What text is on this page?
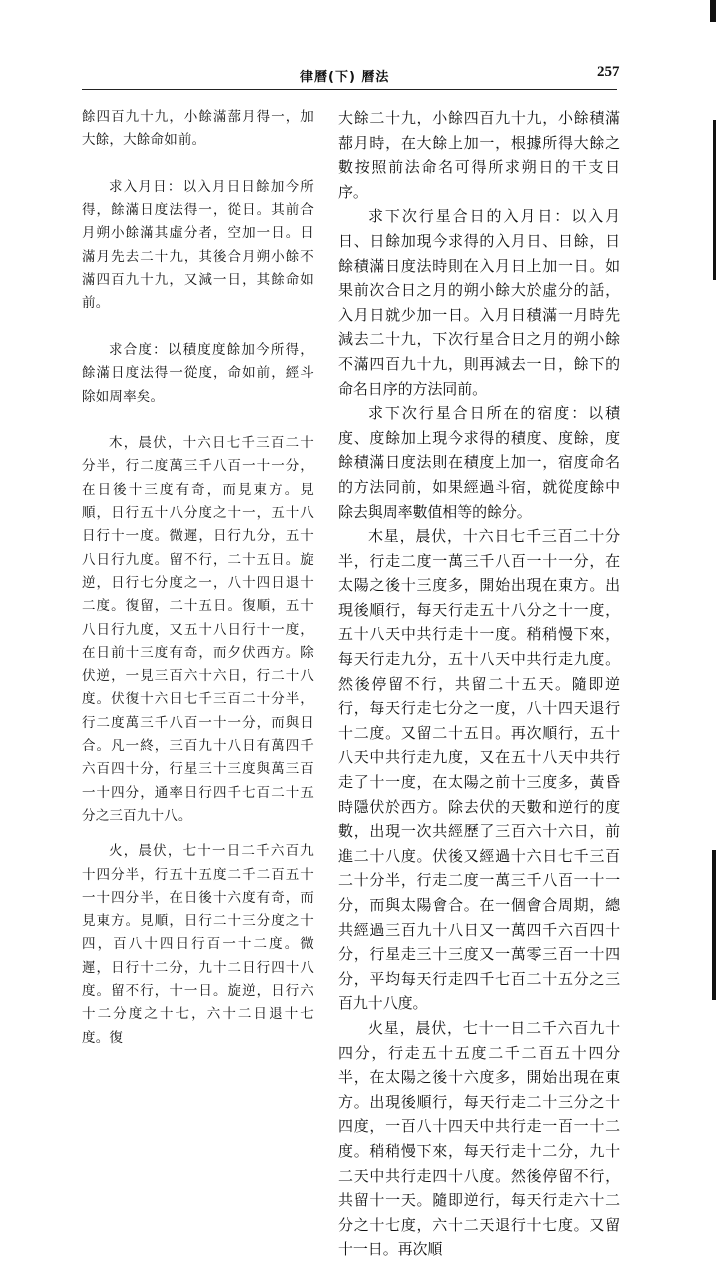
律曆(下) 曆法	257

餘四百九十九，小餘滿蔀月得一，加大餘，大餘命如前。

求入月日：以入月日日餘加今所得，餘滿日度法得一，從日。其前合月朔小餘滿其虛分者，空加一日。日滿月先去二十九，其後合月朔小餘不滿四百九十九，又減一日，其餘命如前。

求合度：以積度度餘加今所得，餘滿日度法得一從度，命如前，經斗除如周率矣。

木，晨伏，十六日七千三百二十分半，行二度萬三千八百一十一分，在日後十三度有奇，而見東方。見順，日行五十八分度之十一，五十八日行十一度。微遲，日行九分，五十八日行九度。留不行，二十五日。旋逆，日行七分度之一，八十四日退十二度。復留，二十五日。復順，五十八日行九度，又五十八日行十一度，在日前十三度有奇，而夕伏西方。除伏逆，一見三百六十六日，行二十八度。伏復十六日七千三百二十分半，行二度萬三千八百一十一分，而與日合。凡一終，三百九十八日有萬四千六百四十分，行星三十三度與萬三百一十四分，通率日行四千七百二十五分之三百九十八。

火，晨伏，七十一日二千六百九十四分半，行五十五度二千二百五十一十四分半，在日後十六度有奇，而見東方。見順，日行二十三分度之十四，百八十四日行百一十二度。微遲，日行十二分，九十二日行四十八度。留不行，十一日。旋逆，日行六十二分度之十七，六十二日退十七度。復

大餘二十九，小餘四百九十九，小餘積滿蔀月時，在大餘上加一，根據所得大餘之數按照前法命名可得所求朔日的干支日序。

求下次行星合日的入月日：以入月日、日餘加現今求得的入月日、日餘，日餘積滿日度法時則在入月日上加一日。如果前次合日之月的朔小餘大於虛分的話，入月日就少加一日。入月日積滿一月時先減去二十九，下次行星合日之月的朔小餘不滿四百九十九，則再減去一日，餘下的命名日序的方法同前。

求下次行星合日所在的宿度：以積度、度餘加上現今求得的積度、度餘，度餘積滿日度法則在積度上加一，宿度命名的方法同前，如果經過斗宿，就從度餘中除去與周率數值相等的餘分。

木星，晨伏，十六日七千三百二十分半，行走二度一萬三千八百一十一分，在太陽之後十三度多，開始出現在東方。出現後順行，每天行走五十八分之十一度，五十八天中共行走十一度。稍稍慢下來，每天行走九分，五十八天中共行走九度。然後停留不行，共留二十五天。隨即逆行，每天行走七分之一度，八十四天退行十二度。又留二十五日。再次順行，五十八天中共行走九度，又在五十八天中共行走了十一度，在太陽之前十三度多，黃昏時隱伏於西方。除去伏的天數和逆行的度數，出現一次共經歷了三百六十六日，前進二十八度。伏後又經過十六日七千三百二十分半，行走二度一萬三千八百一十一分，而與太陽會合。在一個會合周期，總共經過三百九十八日又一萬四千六百四十分，行星走三十三度又一萬零三百一十四分，平均每天行走四千七百二十五分之三百九十八度。

火星，晨伏，七十一日二千六百九十四分，行走五十五度二千二百五十四分半，在太陽之後十六度多，開始出現在東方。出現後順行，每天行走二十三分之十四度，一百八十四天中共行走一百一十二度。稍稍慢下來，每天行走十二分，九十二天中共行走四十八度。然後停留不行，共留十一天。隨即逆行，每天行走六十二分之十七度，六十二天退行十七度。又留十一日。再次順
